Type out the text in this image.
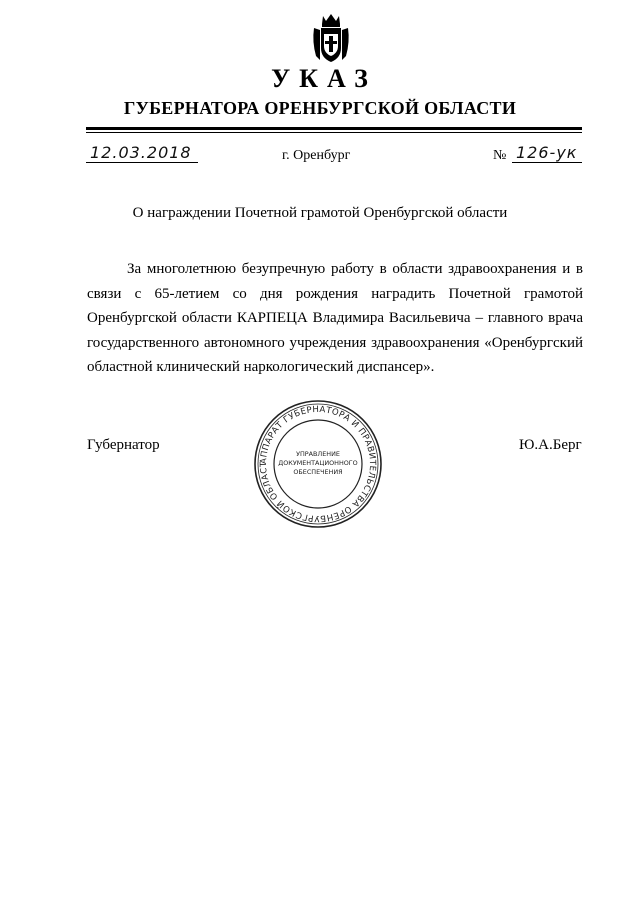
УКАЗ
ГУБЕРНАТОРА ОРЕНБУРГСКОЙ ОБЛАСТИ
12.03.2018	г. Оренбург	№ 126-ук
О награждении Почетной грамотой Оренбургской области

За многолетнюю безупречную работу в области здравоохранения и в связи с 65-летием со дня рождения наградить Почетной грамотой Оренбургской области КАРПЕЦА Владимира Васильевича – главного врача государственного автономного учреждения здравоохранения «Оренбургский областной клинический наркологический диспансер».

Губернатор	Ю.А.Берг
АППАРАТ ГУБЕРНАТОРА И ПРАВИТЕЛЬСТВА ОРЕНБУРГСКОЙ ОБЛАСТ
УПРАВЛЕНИЕ
ДОКУМЕНТАЦИОННОГО
ОБЕСПЕЧЕНИЯ
